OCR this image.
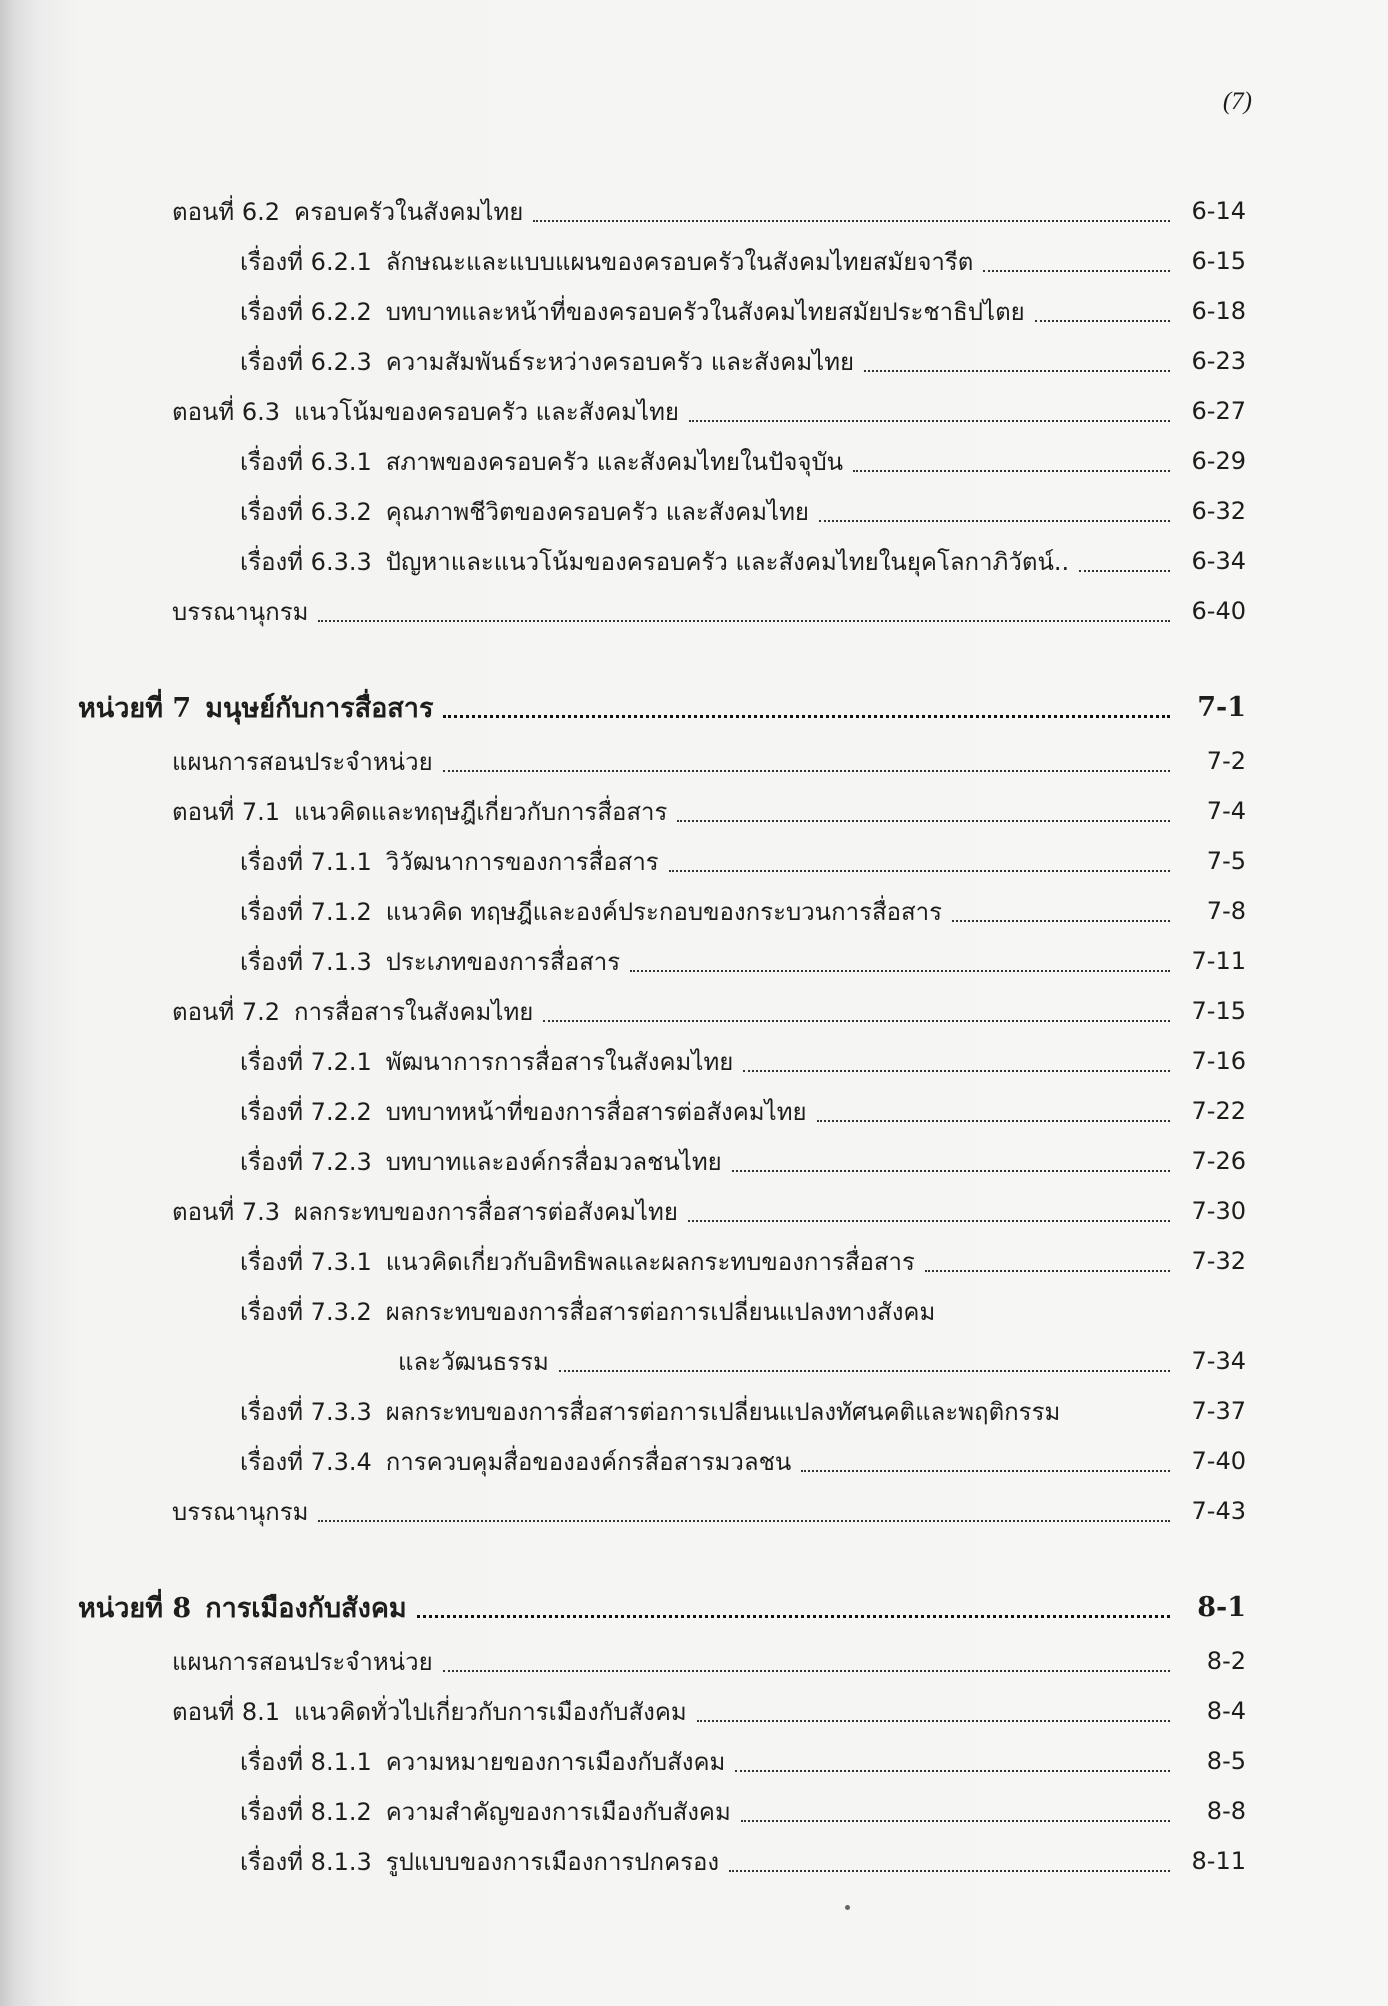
(7)
ตอนที่ 6.2 ครอบครัวในสังคมไทย	6-14
เรื่องที่ 6.2.1 ลักษณะและแบบแผนของครอบครัวในสังคมไทยสมัยจารีต	6-15
เรื่องที่ 6.2.2 บทบาทและหน้าที่ของครอบครัวในสังคมไทยสมัยประชาธิปไตย	6-18
เรื่องที่ 6.2.3 ความสัมพันธ์ระหว่างครอบครัว และสังคมไทย	6-23
ตอนที่ 6.3 แนวโน้มของครอบครัว และสังคมไทย	6-27
เรื่องที่ 6.3.1 สภาพของครอบครัว และสังคมไทยในปัจจุบัน	6-29
เรื่องที่ 6.3.2 คุณภาพชีวิตของครอบครัว และสังคมไทย	6-32
เรื่องที่ 6.3.3 ปัญหาและแนวโน้มของครอบครัว และสังคมไทยในยุคโลกาภิวัตน์..	6-34
บรรณานุกรม	6-40
หน่วยที่ 7 มนุษย์กับการสื่อสาร	7-1
แผนการสอนประจำหน่วย	7-2
ตอนที่ 7.1 แนวคิดและทฤษฎีเกี่ยวกับการสื่อสาร	7-4
เรื่องที่ 7.1.1 วิวัฒนาการของการสื่อสาร	7-5
เรื่องที่ 7.1.2 แนวคิด ทฤษฎีและองค์ประกอบของกระบวนการสื่อสาร	7-8
เรื่องที่ 7.1.3 ประเภทของการสื่อสาร	7-11
ตอนที่ 7.2 การสื่อสารในสังคมไทย	7-15
เรื่องที่ 7.2.1 พัฒนาการการสื่อสารในสังคมไทย	7-16
เรื่องที่ 7.2.2 บทบาทหน้าที่ของการสื่อสารต่อสังคมไทย	7-22
เรื่องที่ 7.2.3 บทบาทและองค์กรสื่อมวลชนไทย	7-26
ตอนที่ 7.3 ผลกระทบของการสื่อสารต่อสังคมไทย	7-30
เรื่องที่ 7.3.1 แนวคิดเกี่ยวกับอิทธิพลและผลกระทบของการสื่อสาร	7-32
เรื่องที่ 7.3.2 ผลกระทบของการสื่อสารต่อการเปลี่ยนแปลงทางสังคม
และวัฒนธรรม	7-34
เรื่องที่ 7.3.3 ผลกระทบของการสื่อสารต่อการเปลี่ยนแปลงทัศนคติและพฤติกรรม	7-37
เรื่องที่ 7.3.4 การควบคุมสื่อขององค์กรสื่อสารมวลชน	7-40
บรรณานุกรม	7-43
หน่วยที่ 8 การเมืองกับสังคม	8-1
แผนการสอนประจำหน่วย	8-2
ตอนที่ 8.1 แนวคิดทั่วไปเกี่ยวกับการเมืองกับสังคม	8-4
เรื่องที่ 8.1.1 ความหมายของการเมืองกับสังคม	8-5
เรื่องที่ 8.1.2 ความสำคัญของการเมืองกับสังคม	8-8
เรื่องที่ 8.1.3 รูปแบบของการเมืองการปกครอง	8-11
